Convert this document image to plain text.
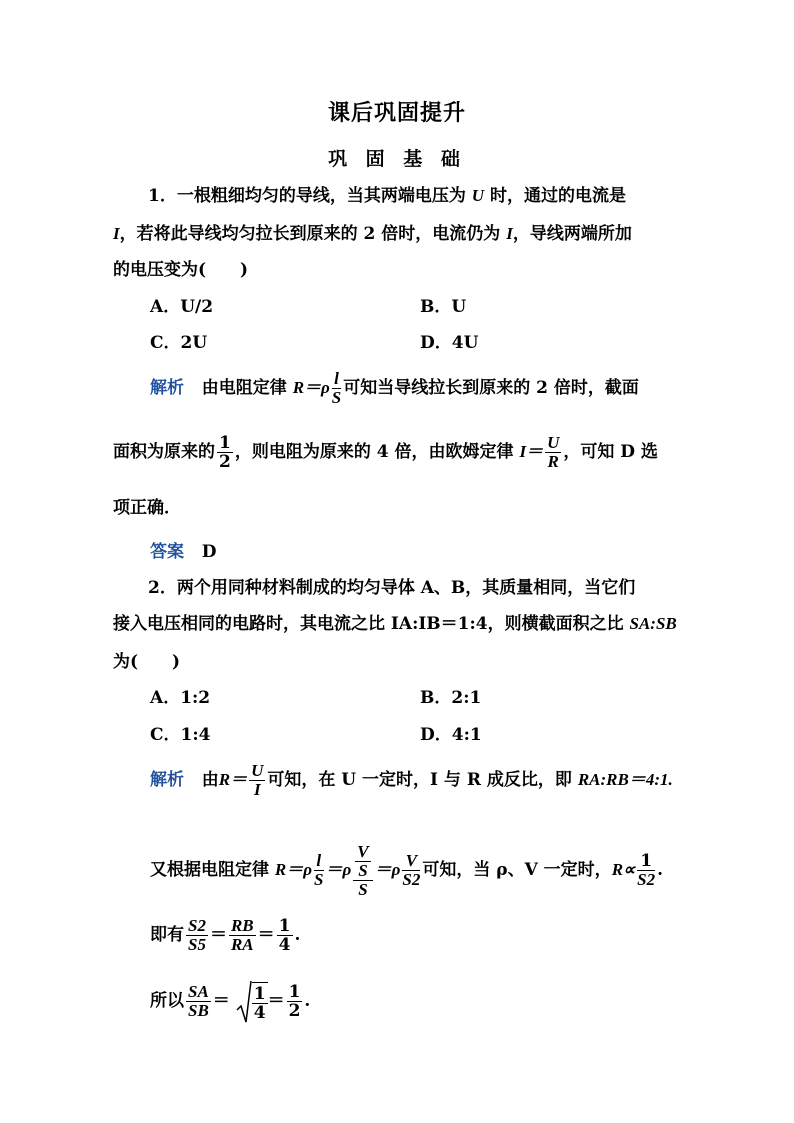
课后巩固提升
巩 固 基 础
1．一根粗细均匀的导线，当其两端电压为 U 时，通过的电流是
I，若将此导线均匀拉长到原来的 2 倍时，电流仍为 I，导线两端所加
的电压变为(　　)
A．U/2	B．U
C．2U	D．4U
解析 由电阻定律 $R=\rho \frac{l}{S}$ 可知当导线拉长到原来的 2 倍时，截面
面积为原来的 $\frac{1}{2}$ ，则电阻为原来的 4 倍，由欧姆定律 $I= \frac{U}{R}$ ，可知 D 选
项正确．
答案 D
2．两个用同种材料制成的均匀导体 A、B，其质量相同，当它们
接入电压相同的电路时，其电流之比 IA:IB＝1:4，则横截面积之比 SA:SB
为(　　)
A．1:2	B．2:1
C．1:4	D．4:1
解析 由$R= \frac{U}{I}$ 可知，在 U 一定时，I 与 R 成反比，即 RA:RB＝4:1.
又根据电阻定律 $R=\rho \frac{l}{S} =\rho \frac{\frac{V}{S}}{S} =\rho \frac{V}{S2}$ 可知，当 ρ、V 一定时，$R\propto \frac{1}{S2}$ .
即有 $\frac{S2}{S5} = \frac{RB}{RA} = \frac{1}{4}$ .
所以 $\frac{SA}{SB} = \frac{1}{4} = \frac{1}{2}$ .
